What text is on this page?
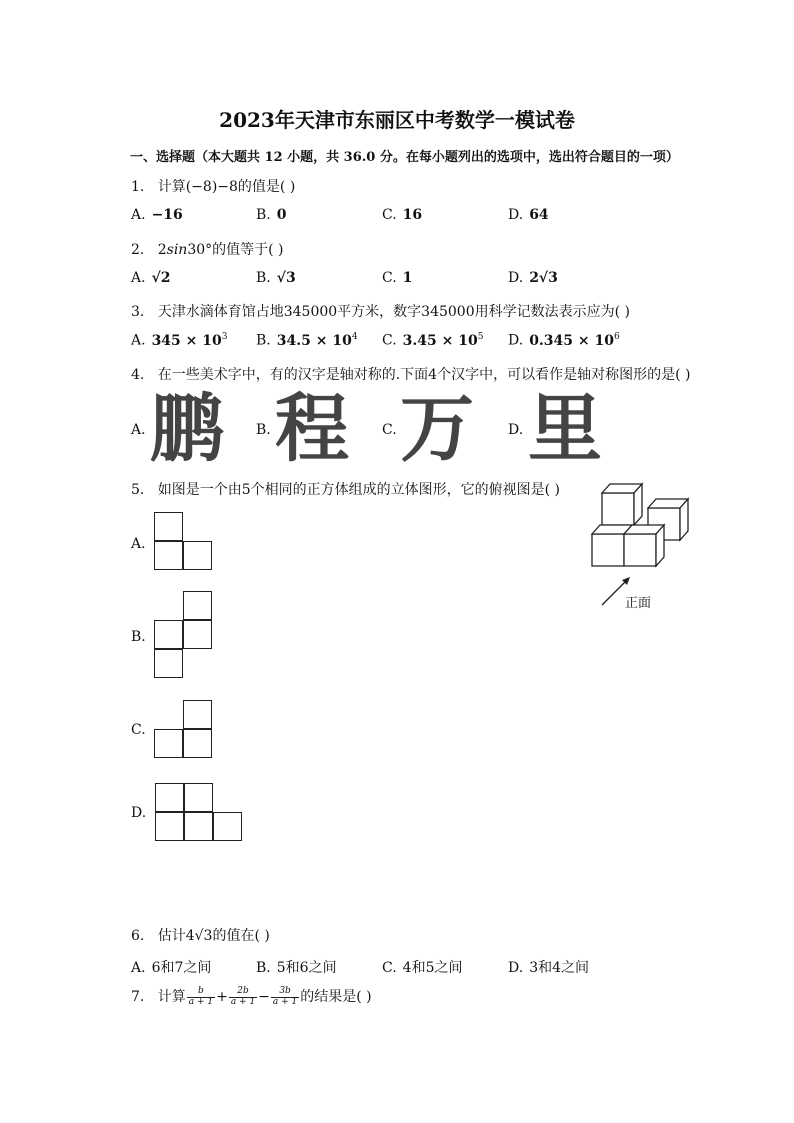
2023年天津市东丽区中考数学一模试卷
一、选择题（本大题共 12 小题，共 36.0 分。在每小题列出的选项中，选出符合题目的一项）
1. 计算(−8)−8的值是( )
A. −16	B. 0	C. 16	D. 64
2. 2sin30°的值等于( )
A. √2	B. √3	C. 1	D. 2√3
3. 天津水滴体育馆占地345000平方米，数字345000用科学记数法表示应为( )
A. $345 \times 10^3$ B. $34.5 \times 10^4$ C. $3.45 \times 10^5$ D. $0.345 \times 10^6$
4. 在一些美术字中，有的汉字是轴对称的.下面4个汉字中，可以看作是轴对称图形的是( )
A. 鹏 B. 程 C. 万 D. 里
5. 如图是一个由5个相同的正方体组成的立体图形，它的俯视图是( )
正面
A.
B.
C.
D.
6. 估计4√3的值在( )
A. 6和7之间	B. 5和6之间	C. 4和5之间	D. 3和4之间
7. 计算 $\frac{b}{a + 1} + \frac{2b}{a + 1} - \frac{3b}{a + 1}$ 的结果是( )
